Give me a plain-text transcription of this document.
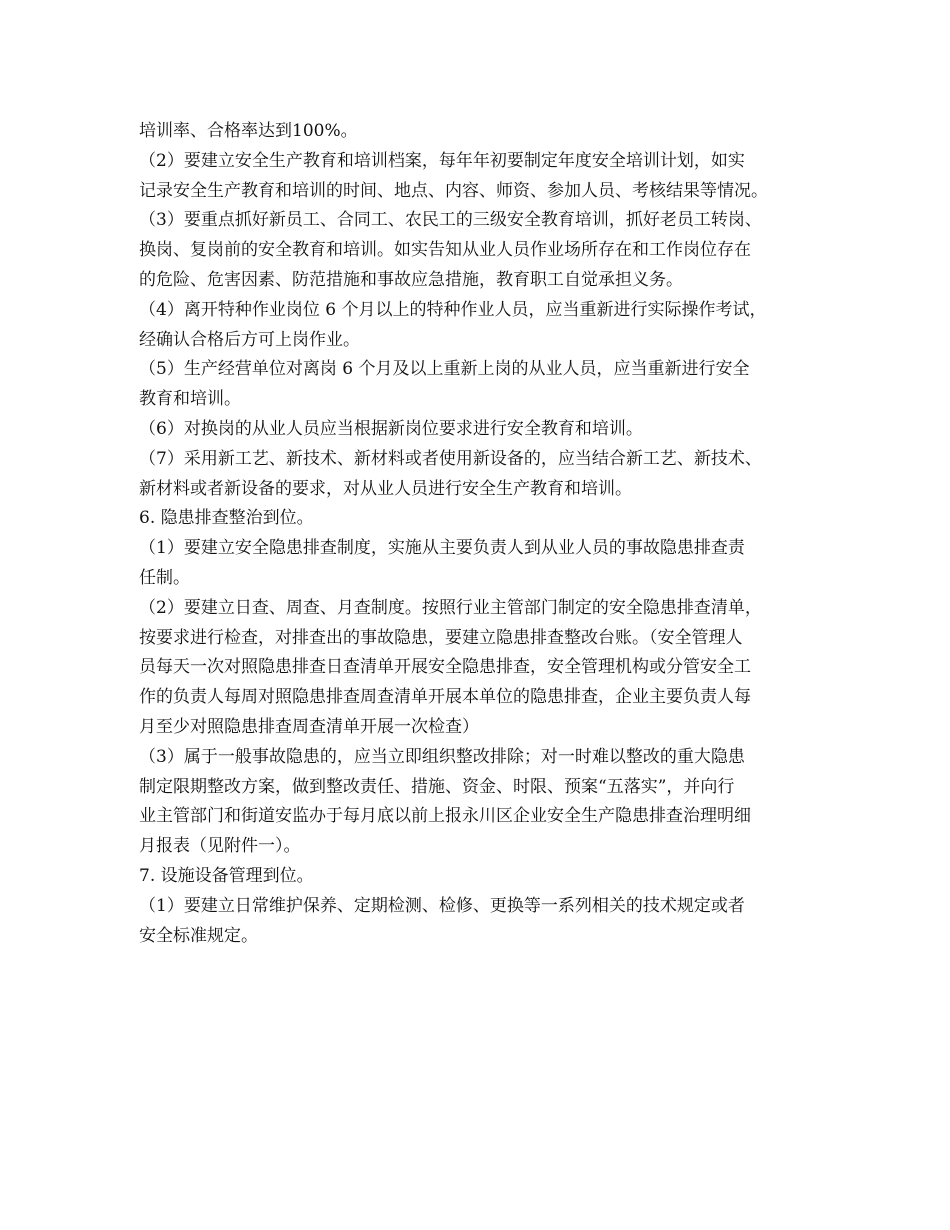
培训率、合格率达到100%。
（2）要建立安全生产教育和培训档案，每年年初要制定年度安全培训计划，如实
记录安全生产教育和培训的时间、地点、内容、师资、参加人员、考核结果等情况。
（3）要重点抓好新员工、合同工、农民工的三级安全教育培训，抓好老员工转岗、
换岗、复岗前的安全教育和培训。如实告知从业人员作业场所存在和工作岗位存在
的危险、危害因素、防范措施和事故应急措施，教育职工自觉承担义务。
（4）离开特种作业岗位 6 个月以上的特种作业人员，应当重新进行实际操作考试，
经确认合格后方可上岗作业。
（5）生产经营单位对离岗 6 个月及以上重新上岗的从业人员，应当重新进行安全
教育和培训。
（6）对换岗的从业人员应当根据新岗位要求进行安全教育和培训。
（7）采用新工艺、新技术、新材料或者使用新设备的，应当结合新工艺、新技术、
新材料或者新设备的要求，对从业人员进行安全生产教育和培训。
6. 隐患排查整治到位。
（1）要建立安全隐患排查制度，实施从主要负责人到从业人员的事故隐患排查责
任制。
（2）要建立日查、周查、月查制度。按照行业主管部门制定的安全隐患排查清单，
按要求进行检查，对排查出的事故隐患，要建立隐患排查整改台账。（安全管理人
员每天一次对照隐患排查日查清单开展安全隐患排查，安全管理机构或分管安全工
作的负责人每周对照隐患排查周查清单开展本单位的隐患排查，企业主要负责人每
月至少对照隐患排查周查清单开展一次检查）
（3）属于一般事故隐患的，应当立即组织整改排除；对一时难以整改的重大隐患
制定限期整改方案，做到整改责任、措施、资金、时限、预案“五落实”，并向行
业主管部门和街道安监办于每月底以前上报永川区企业安全生产隐患排查治理明细
月报表（见附件一）。
7. 设施设备管理到位。
（1）要建立日常维护保养、定期检测、检修、更换等一系列相关的技术规定或者
安全标准规定。
